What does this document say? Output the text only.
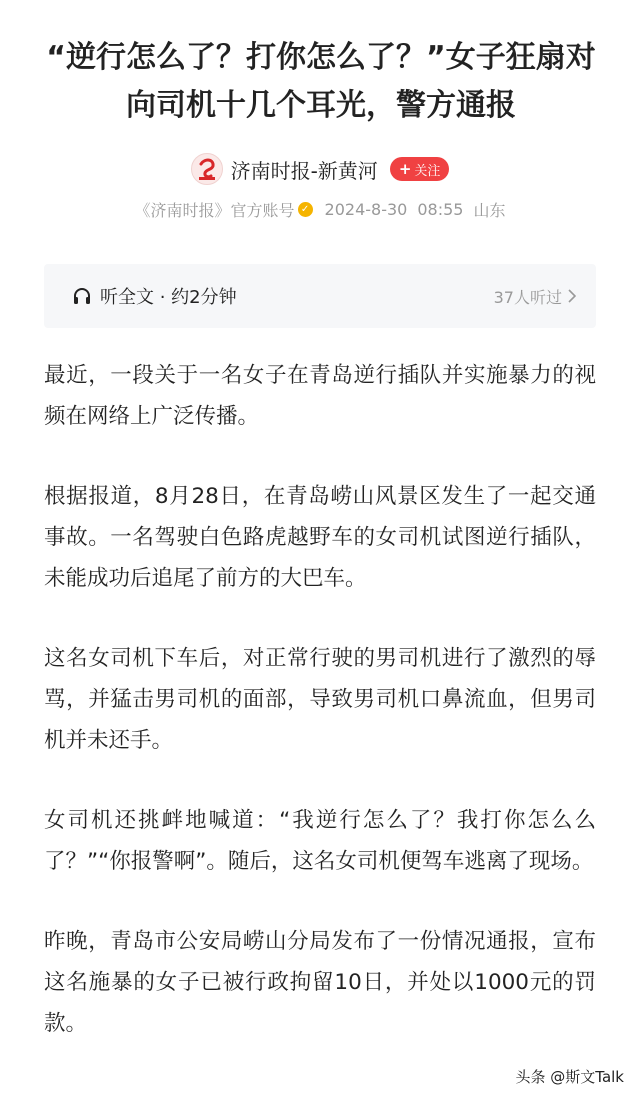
“逆行怎么了？打你怎么了？”女子狂扇对向司机十几个耳光，警方通报
济南时报-新黄河 + 关注
《济南时报》官方账号 ✓ 2024-8-30 08:55 山东
听全文 · 约2分钟	37人听过

最近，一段关于一名女子在青岛逆行插队并实施暴力的视频在网络上广泛传播。

根据报道，8月28日，在青岛崂山风景区发生了一起交通事故。一名驾驶白色路虎越野车的女司机试图逆行插队，未能成功后追尾了前方的大巴车。

这名女司机下车后，对正常行驶的男司机进行了激烈的辱骂，并猛击男司机的面部，导致男司机口鼻流血，但男司机并未还手。

女司机还挑衅地喊道：“我逆行怎么了？我打你怎么么了？”“你报警啊”。随后，这名女司机便驾车逃离了现场。

昨晚，青岛市公安局崂山分局发布了一份情况通报，宣布这名施暴的女子已被行政拘留10日，并处以1000元的罚款。

头条 @斯文Talk
